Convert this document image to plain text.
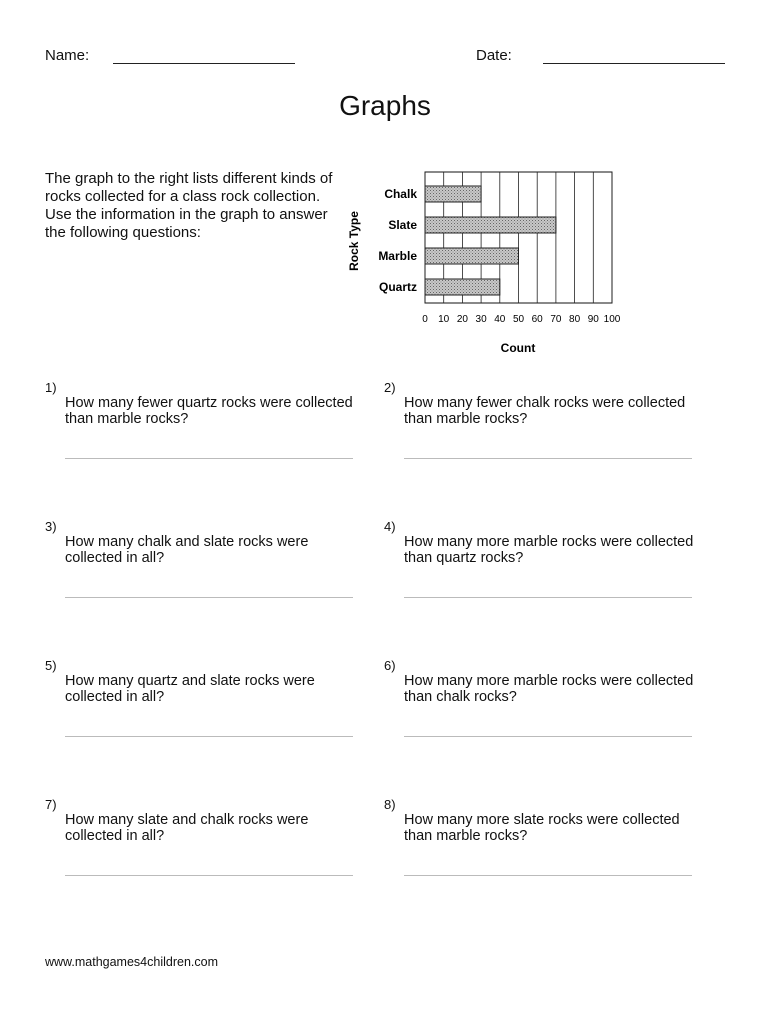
Name:	Date:
Graphs
The graph to the right lists different kinds of rocks collected for a class rock collection. Use the information in the graph to answer the following questions:
Chalk
Slate
Marble
Quartz
0 10 20 30 40 50 60 70 80 90 100
Rock Type
Count
1)
How many fewer quartz rocks were collected than marble rocks?
2)
How many fewer chalk rocks were collected than marble rocks?
3)
How many chalk and slate rocks were collected in all?
4)
How many more marble rocks were collected than quartz rocks?
5)
How many quartz and slate rocks were collected in all?
6)
How many more marble rocks were collected than chalk rocks?
7)
How many slate and chalk rocks were collected in all?
8)
How many more slate rocks were collected than marble rocks?
www.mathgames4children.com
